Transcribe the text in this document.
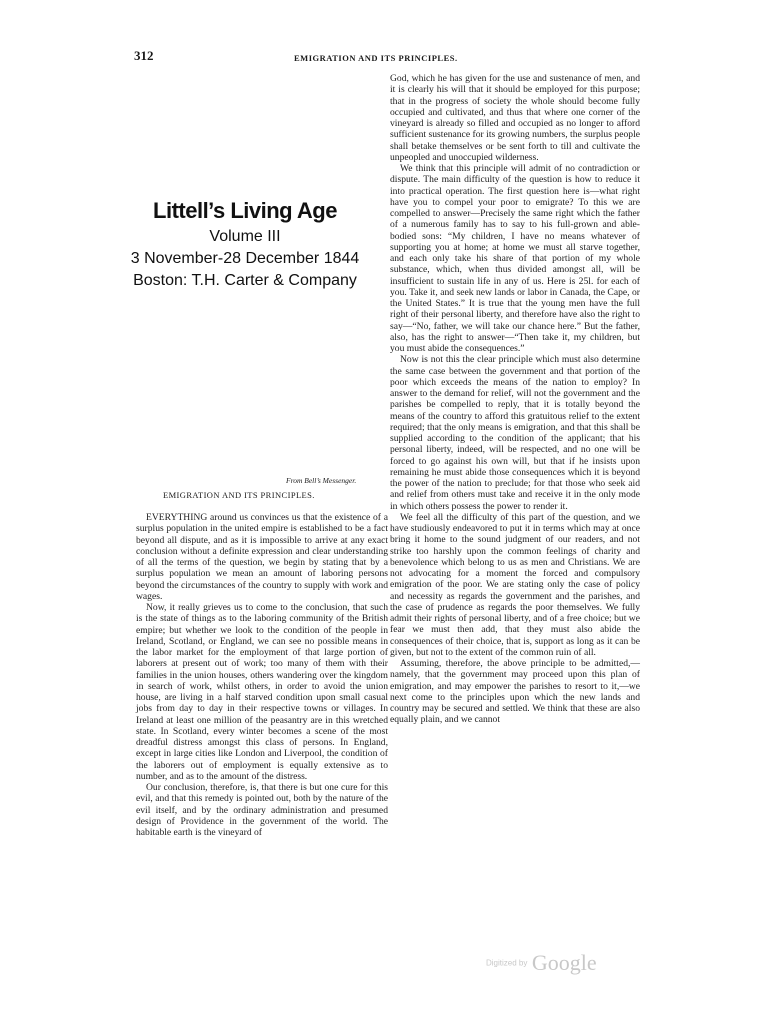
312	EMIGRATION AND ITS PRINCIPLES.
Littell’s Living Age
Volume III
3 November-28 December 1844
Boston: T.H. Carter & Company
From Bell’s Messenger.
EMIGRATION AND ITS PRINCIPLES.

EVERYTHING around us convinces us that the existence of a surplus population in the united empire is established to be a fact beyond all dispute, and as it is impossible to arrive at any exact conclusion without a definite expression and clear understanding of all the terms of the question, we begin by stating that by a surplus population we mean an amount of laboring persons beyond the circumstances of the country to supply with work and wages.

Now, it really grieves us to come to the conclusion, that such is the state of things as to the laboring community of the British empire; but whether we look to the condition of the people in Ireland, Scotland, or England, we can see no possible means in the labor market for the employment of that large portion of laborers at present out of work; too many of them with their families in the union houses, others wandering over the kingdom in search of work, whilst others, in order to avoid the union house, are living in a half starved condition upon small casual jobs from day to day in their respective towns or villages. In Ireland at least one million of the peasantry are in this wretched state. In Scotland, every winter becomes a scene of the most dreadful distress amongst this class of persons. In England, except in large cities like London and Liverpool, the condition of the laborers out of employment is equally extensive as to number, and as to the amount of the distress.

Our conclusion, therefore, is, that there is but one cure for this evil, and that this remedy is pointed out, both by the nature of the evil itself, and by the ordinary administration and presumed design of Providence in the government of the world. The habitable earth is the vineyard of

God, which he has given for the use and sustenance of men, and it is clearly his will that it should be employed for this purpose; that in the progress of society the whole should become fully occupied and cultivated, and thus that where one corner of the vineyard is already so filled and occupied as no longer to afford sufficient sustenance for its growing numbers, the surplus people shall betake themselves or be sent forth to till and cultivate the unpeopled and unoccupied wilderness.

We think that this principle will admit of no contradiction or dispute. The main difficulty of the question is how to reduce it into practical operation. The first question here is—what right have you to compel your poor to emigrate? To this we are compelled to answer—Precisely the same right which the father of a numerous family has to say to his full-grown and able-bodied sons: “My children, I have no means whatever of supporting you at home; at home we must all starve together, and each only take his share of that portion of my whole substance, which, when thus divided amongst all, will be insufficient to sustain life in any of us. Here is 25l. for each of you. Take it, and seek new lands or labor in Canada, the Cape, or the United States.” It is true that the young men have the full right of their personal liberty, and therefore have also the right to say—“No, father, we will take our chance here.” But the father, also, has the right to answer—“Then take it, my children, but you must abide the consequences.”

Now is not this the clear principle which must also determine the same case between the government and that portion of the poor which exceeds the means of the nation to employ? In answer to the demand for relief, will not the government and the parishes be compelled to reply, that it is totally beyond the means of the country to afford this gratuitous relief to the extent required; that the only means is emigration, and that this shall be supplied according to the condition of the applicant; that his personal liberty, indeed, will be respected, and no one will be forced to go against his own will, but that if he insists upon remaining he must abide those consequences which it is beyond the power of the nation to preclude; for that those who seek aid and relief from others must take and receive it in the only mode in which others possess the power to render it.

We feel all the difficulty of this part of the question, and we have studiously endeavored to put it in terms which may at once bring it home to the sound judgment of our readers, and not strike too harshly upon the common feelings of charity and benevolence which belong to us as men and Christians. We are not advocating for a moment the forced and compulsory emigration of the poor. We are stating only the case of policy and necessity as regards the government and the parishes, and the case of prudence as regards the poor themselves. We fully admit their rights of personal liberty, and of a free choice; but we fear we must then add, that they must also abide the consequences of their choice, that is, support as long as it can be given, but not to the extent of the common ruin of all.

Assuming, therefore, the above principle to be admitted,—namely, that the government may proceed upon this plan of emigration, and may empower the parishes to resort to it,—we next come to the principles upon which the new lands and country may be secured and settled. We think that these are also equally plain, and we cannot

Digitized by Google
